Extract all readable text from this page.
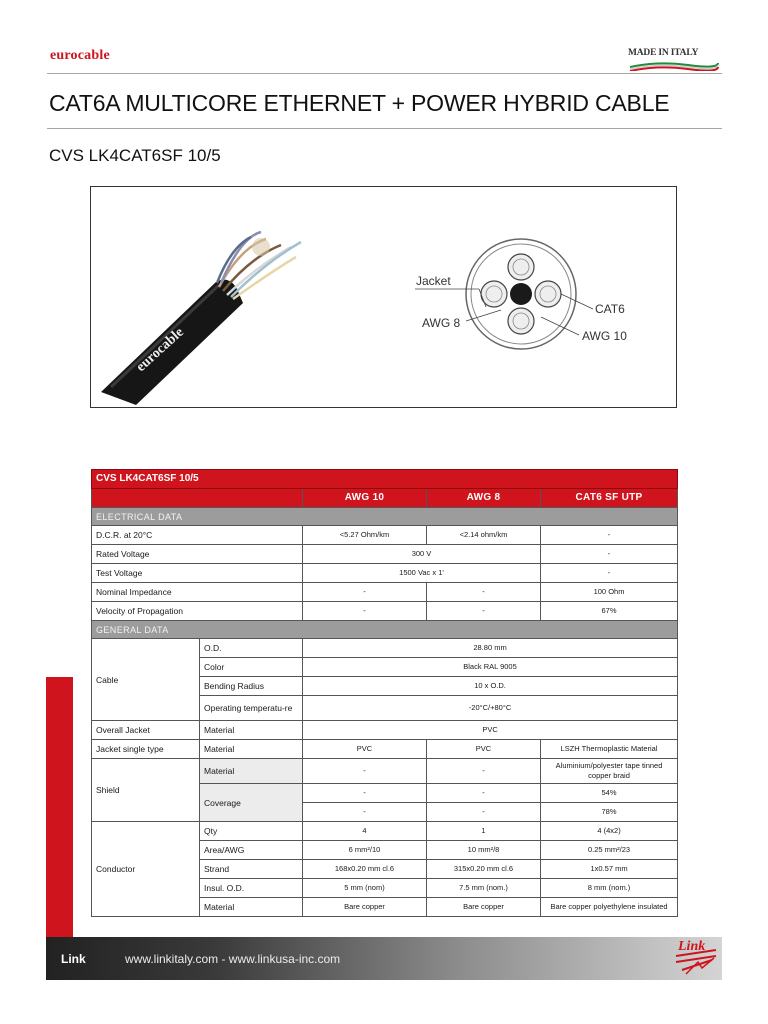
eurocable	MADE IN ITALY
CAT6A MULTICORE ETHERNET + POWER HYBRID CABLE
CVS LK4CAT6SF 10/5
eurocable
Jacket
AWG 8
CAT6
AWG 10
CVS LK4CAT6SF 10/5				
		AWG 10	AWG 8	CAT6 SF UTP
ELECTRICAL DATA				
D.C.R. at 20°C		<5.27 Ohm/km	<2.14 ohm/km	-
Rated Voltage		300 V		-
Test Voltage		1500 Vac x 1'		-
Nominal Impedance		-	-	100 Ohm
Velocity of Propagation		-	-	67%
GENERAL DATA				
Cable	O.D.	28.80 mm		
	Color	Black RAL 9005		
	Bending Radius	10 x O.D.		
	Operating temperatu-re	-20°C/+80°C		
Overall Jacket	Material	PVC		
Jacket single type	Material	PVC	PVC	LSZH Thermoplastic Material
Shield	Material	-	-	Aluminium/polyester tape tinned copper braid
	Coverage	-	-	54%
		-	-	78%
Conductor	Qty	4	1	4 (4x2)
	Area/AWG	6 mm²/10	10 mm²/8	0.25 mm²/23
	Strand	168x0.20 mm cl.6	315x0.20 mm cl.6	1x0.57 mm
	Insul. O.D.	5 mm (nom)	7.5 mm (nom.)	8 mm (nom.)
	Material	Bare copper	Bare copper	Bare copper polyethylene insulated
Link	www.linkitaly.com - www.linkusa-inc.com
Link
